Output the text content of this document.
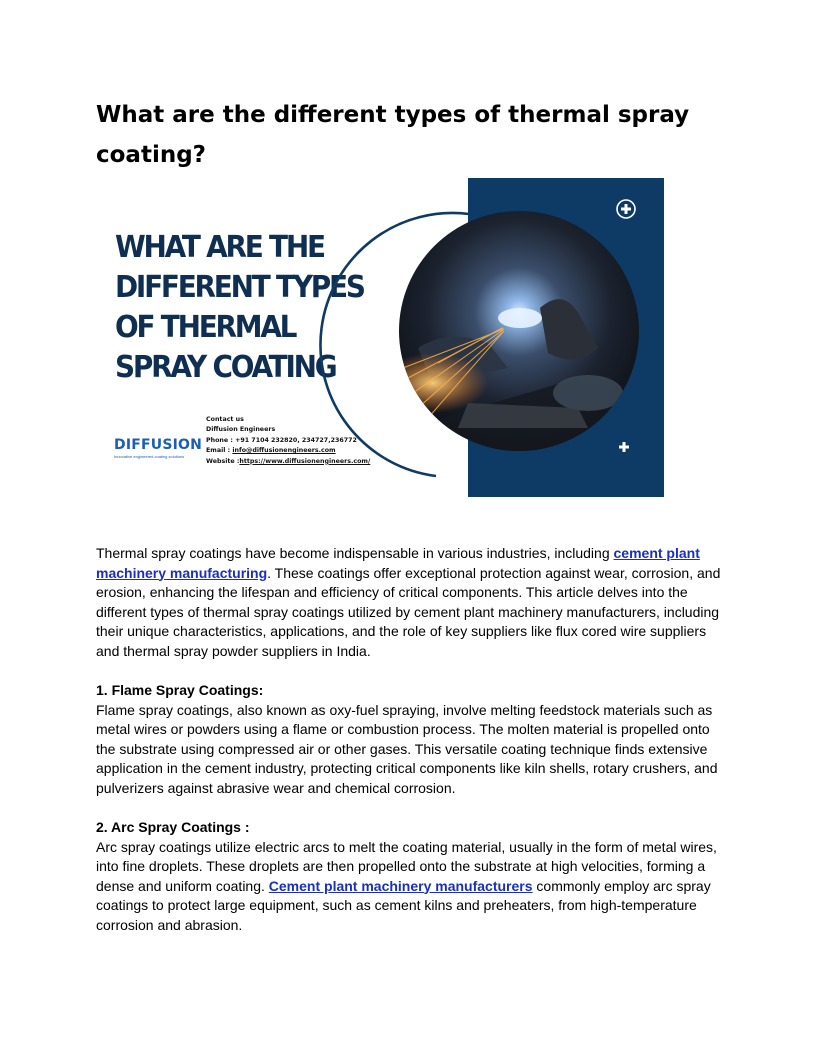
What are the different types of thermal spray coating?
WHAT ARE THE
DIFFERENT TYPES
OF THERMAL
SPRAY COATING
DIFFUSION
Innovative engineered coating solutions
Contact us
Diffusion Engineers
Phone : +91 7104 232820, 234727,236772
Email : info@diffusionengineers.com
Website :https://www.diffusionengineers.com/

Thermal spray coatings have become indispensable in various industries, including cement plant machinery manufacturing. These coatings offer exceptional protection against wear, corrosion, and erosion, enhancing the lifespan and efficiency of critical components. This article delves into the different types of thermal spray coatings utilized by cement plant machinery manufacturers, including their unique characteristics, applications, and the role of key suppliers like flux cored wire suppliers and thermal spray powder suppliers in India.

1. Flame Spray Coatings:

Flame spray coatings, also known as oxy-fuel spraying, involve melting feedstock materials such as metal wires or powders using a flame or combustion process. The molten material is propelled onto the substrate using compressed air or other gases. This versatile coating technique finds extensive application in the cement industry, protecting critical components like kiln shells, rotary crushers, and pulverizers against abrasive wear and chemical corrosion.

2. Arc Spray Coatings :

Arc spray coatings utilize electric arcs to melt the coating material, usually in the form of metal wires, into fine droplets. These droplets are then propelled onto the substrate at high velocities, forming a dense and uniform coating. Cement plant machinery manufacturers commonly employ arc spray coatings to protect large equipment, such as cement kilns and preheaters, from high-temperature corrosion and abrasion.
